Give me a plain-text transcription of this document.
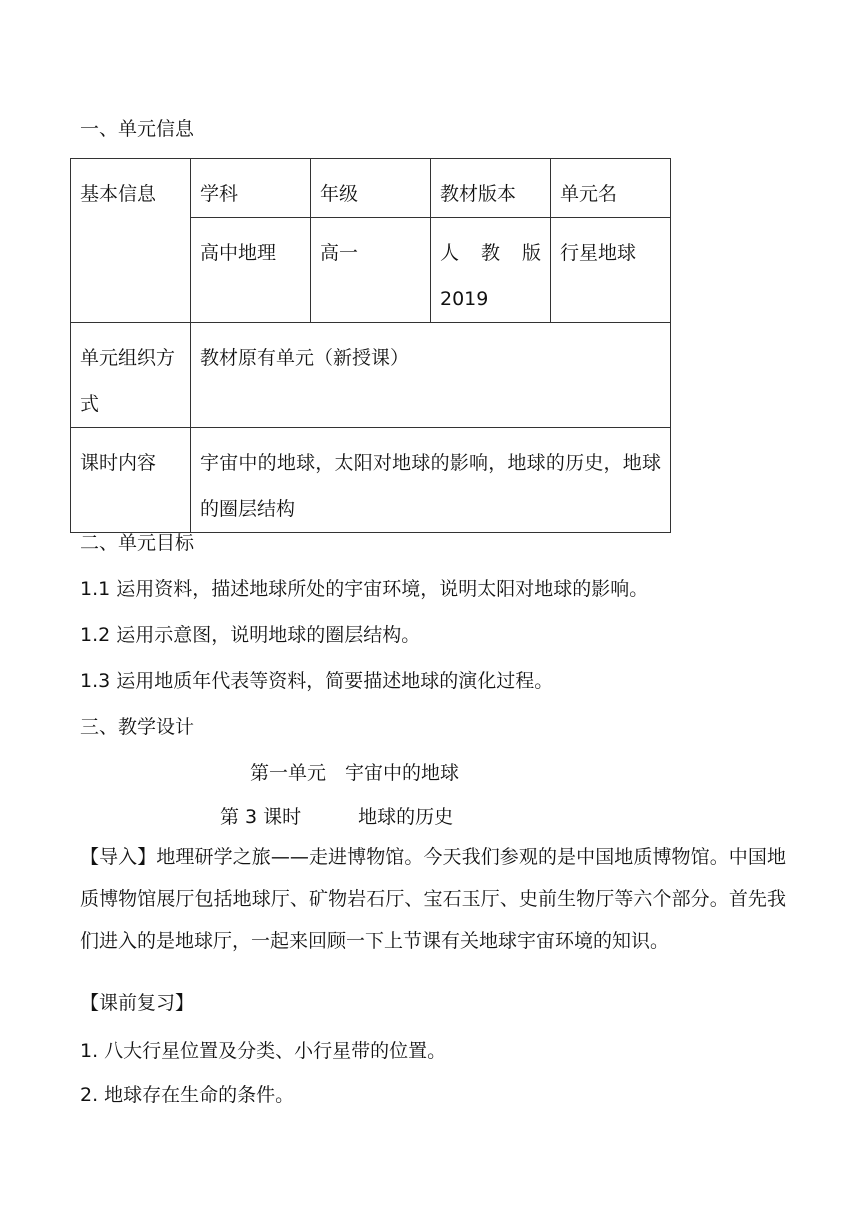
一、单元信息
基本信息	学科	年级	教材版本	单元名
	高中地理	高一	人 教 版 2019	行星地球
单元组织方式	教材原有单元（新授课）			
课时内容	宇宙中的地球，太阳对地球的影响，地球的历史，地球的圈层结构			
二、单元目标
1.1 运用资料，描述地球所处的宇宙环境，说明太阳对地球的影响。
1.2 运用示意图，说明地球的圈层结构。
1.3 运用地质年代表等资料，简要描述地球的演化过程。
三、教学设计
第一单元　宇宙中的地球
第 3 课时　　　地球的历史
【导入】地理研学之旅——走进博物馆。今天我们参观的是中国地质博物馆。中国地质博物馆展厅包括地球厅、矿物岩石厅、宝石玉厅、史前生物厅等六个部分。首先我们进入的是地球厅，一起来回顾一下上节课有关地球宇宙环境的知识。
【课前复习】
1. 八大行星位置及分类、小行星带的位置。
2. 地球存在生命的条件。
